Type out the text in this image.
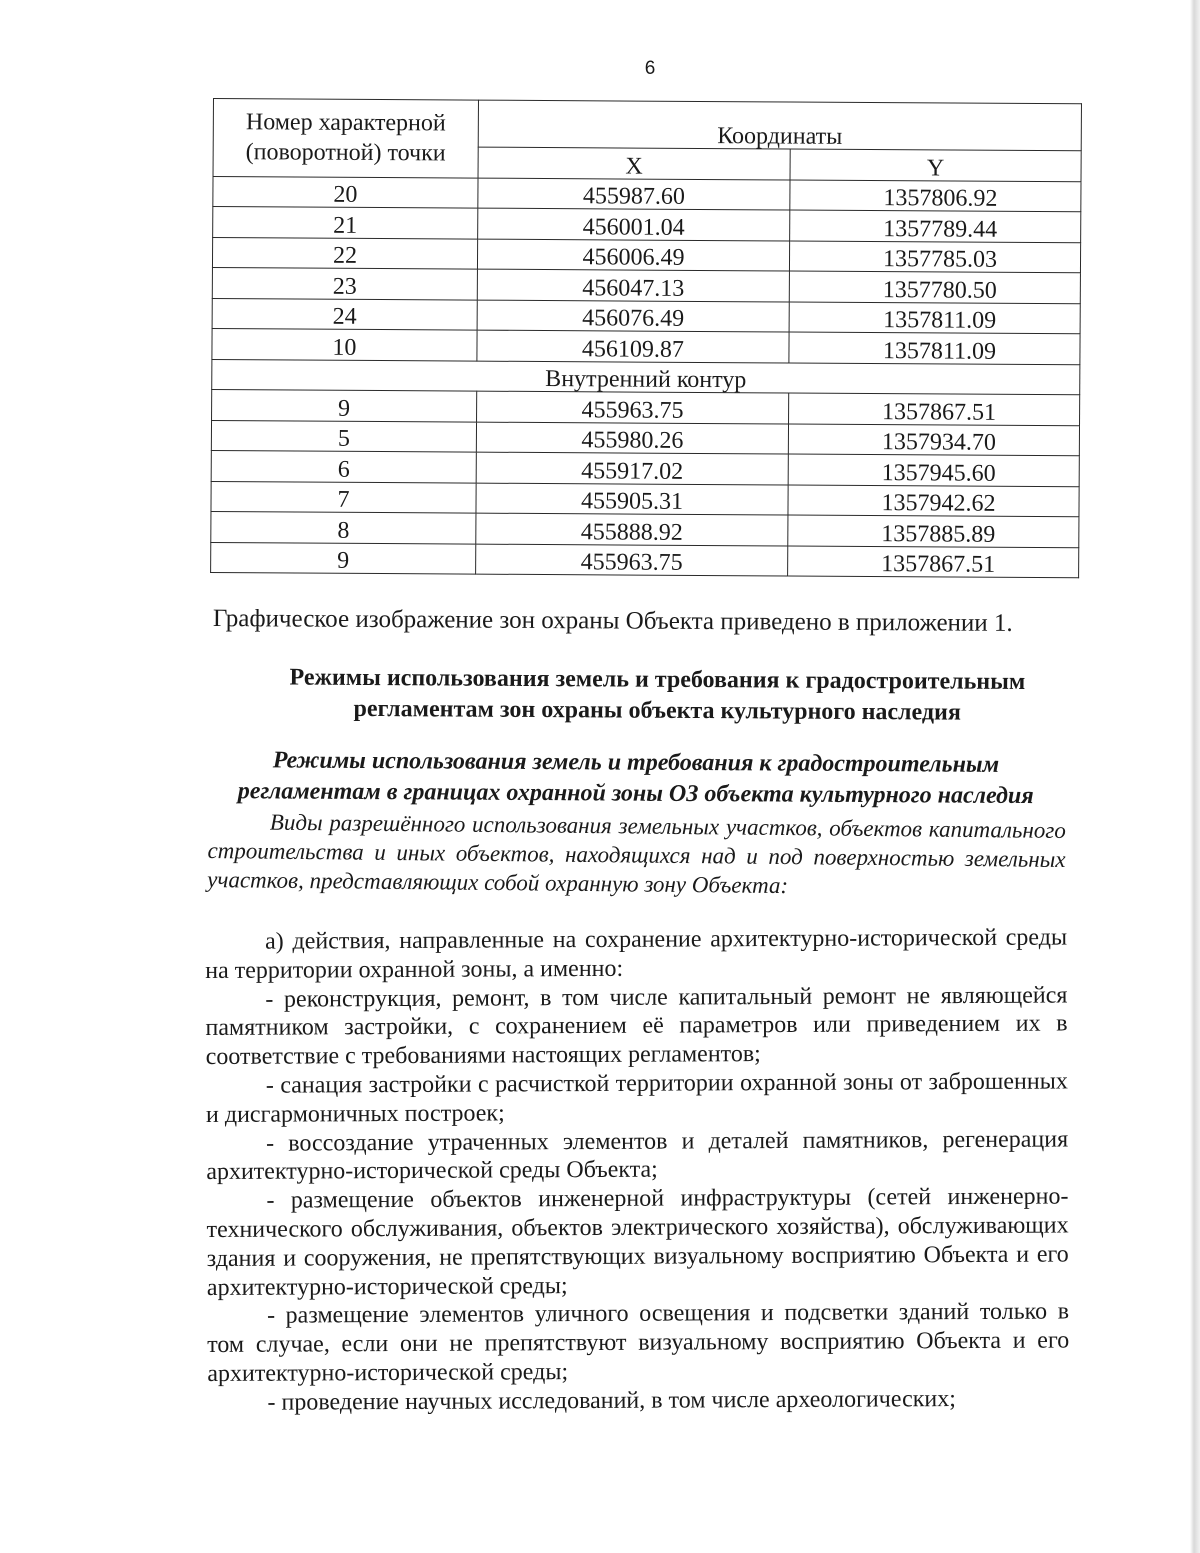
6
Номер характерной (поворотной) точки	Координаты	
	X	Y
20	455987.60	1357806.92
21	456001.04	1357789.44
22	456006.49	1357785.03
23	456047.13	1357780.50
24	456076.49	1357811.09
10	456109.87	1357811.09
Внутренний контур		
9	455963.75	1357867.51
5	455980.26	1357934.70
6	455917.02	1357945.60
7	455905.31	1357942.62
8	455888.92	1357885.89
9	455963.75	1357867.51
Графическое изображение зон охраны Объекта приведено в приложении 1.
Режимы использования земель и требования к градостроительным регламентам зон охраны объекта культурного наследия
Режимы использования земель и требования к градостроительным регламентам в границах охранной зоны ОЗ объекта культурного наследия
Виды разрешённого использования земельных участков, объектов капитального строительства и иных объектов, находящихся над и под поверхностью земельных участков, представляющих собой охранную зону Объекта:

а) действия, направленные на сохранение архитектурно-исторической среды на территории охранной зоны, а именно:

- реконструкция, ремонт, в том числе капитальный ремонт не являющейся памятником застройки, с сохранением её параметров или приведением их в соответствие с требованиями настоящих регламентов;

- санация застройки с расчисткой территории охранной зоны от заброшенных и дисгармоничных построек;

- воссоздание утраченных элементов и деталей памятников, регенерация архитектурно-исторической среды Объекта;

- размещение объектов инженерной инфраструктуры (сетей инженерно-технического обслуживания, объектов электрического хозяйства), обслуживающих здания и сооружения, не препятствующих визуальному восприятию Объекта и его архитектурно-исторической среды;

- размещение элементов уличного освещения и подсветки зданий только в том случае, если они не препятствуют визуальному восприятию Объекта и его архитектурно-исторической среды;

- проведение научных исследований, в том числе археологических;
